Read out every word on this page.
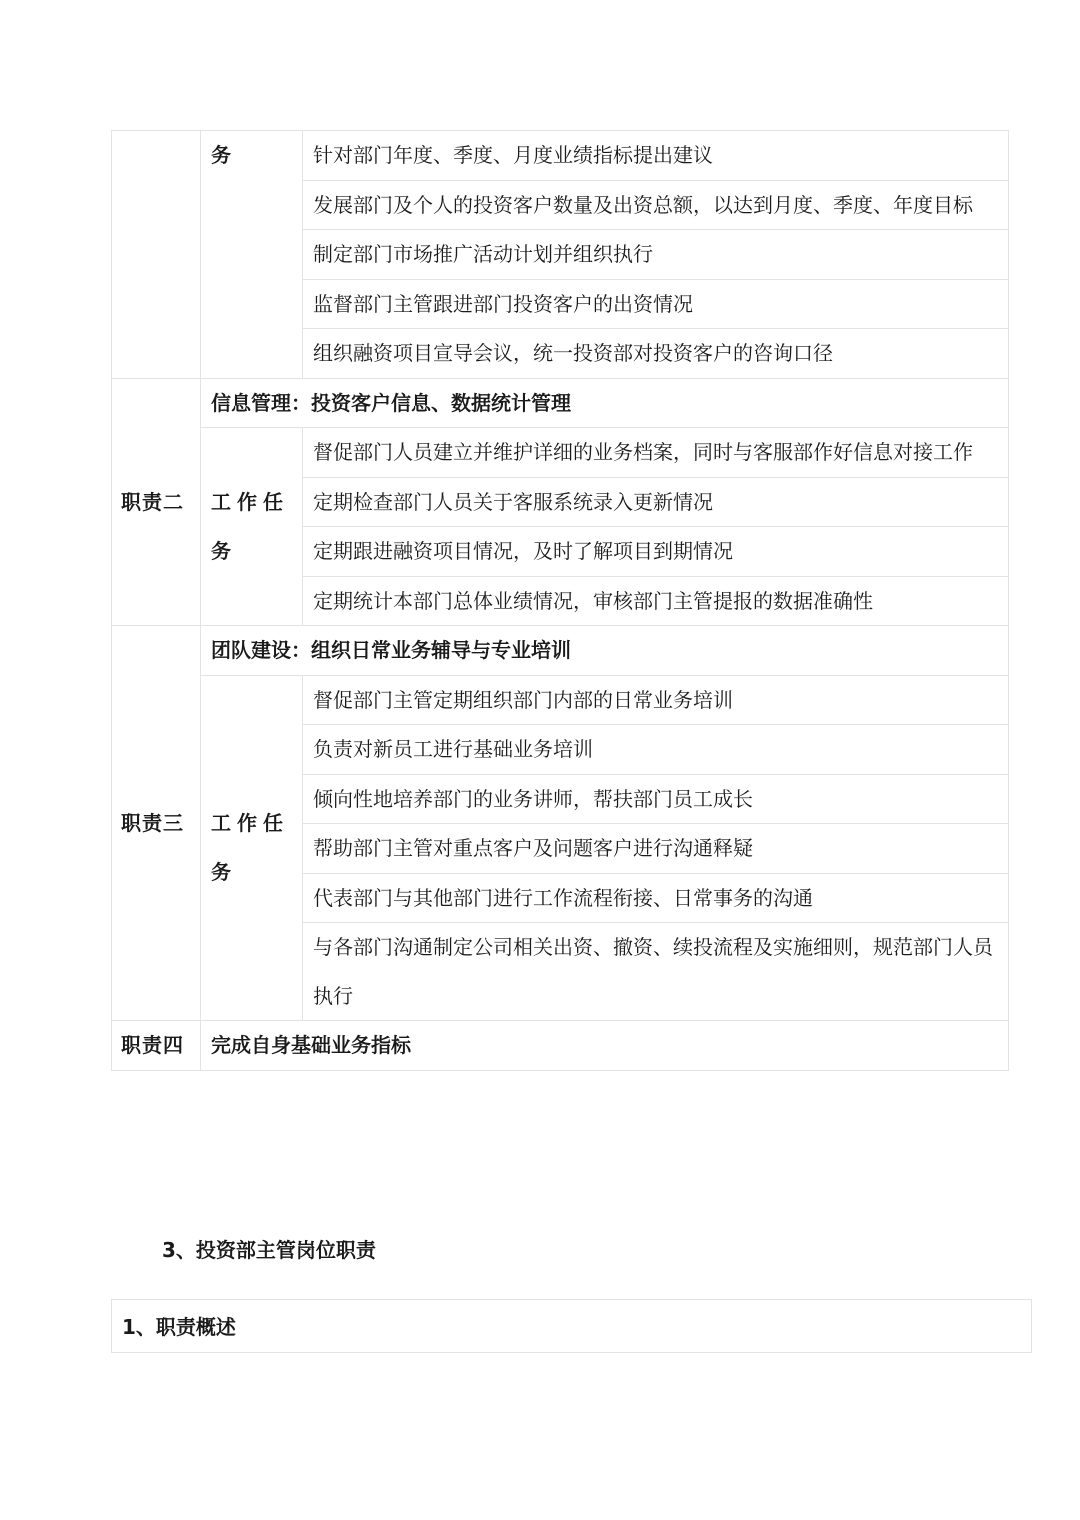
	务	针对部门年度、季度、月度业绩指标提出建议
		发展部门及个人的投资客户数量及出资总额，以达到月度、季度、年度目标

		制定部门市场推广活动计划并组织执行
		监督部门主管跟进部门投资客户的出资情况
		组织融资项目宣导会议，统一投资部对投资客户的咨询口径
职责二	信息管理：投资客户信息、数据统计管理	

	工作任
务	督促部门人员建立并维护详细的业务档案，同时与客服部作好信息对接工作
		定期检查部门人员关于客服系统录入更新情况
		定期跟进融资项目情况，及时了解项目到期情况
		定期统计本部门总体业绩情况，审核部门主管提报的数据准确性
职责三	团队建设：组织日常业务辅导与专业培训	

	工作任
务	督促部门主管定期组织部门内部的日常业务培训
		负责对新员工进行基础业务培训
		倾向性地培养部门的业务讲师，帮扶部门员工成长
		帮助部门主管对重点客户及问题客户进行沟通释疑
		代表部门与其他部门进行工作流程衔接、日常事务的沟通
		与各部门沟通制定公司相关出资、撤资、续投流程及实施细则，规范部门人员执行
职责四	完成自身基础业务指标	
3、投资部主管岗位职责
1、职责概述
